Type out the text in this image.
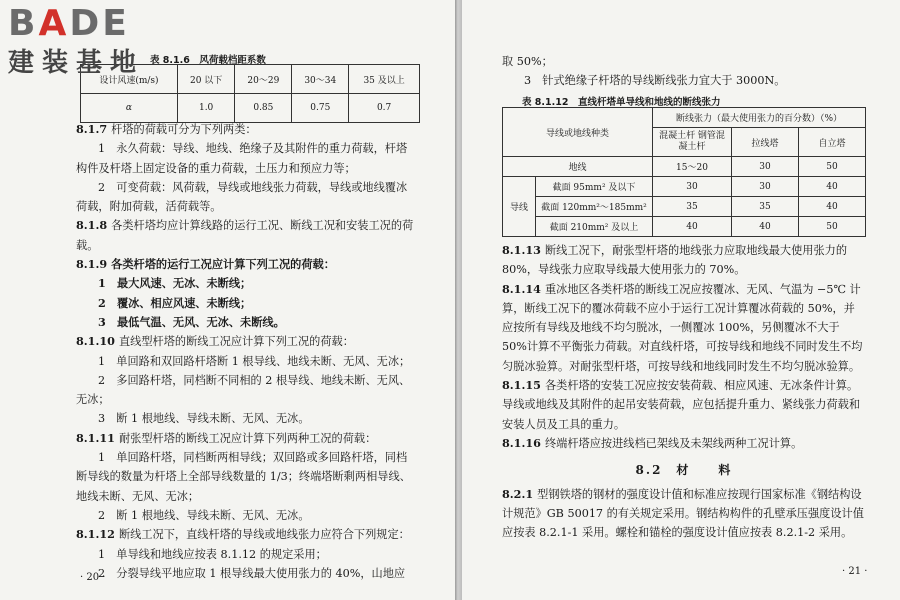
BADE
建装基地 表 8.1.6　风荷载档距系数
设计风速(m/s)	20 以下	20～29	30～34	35 及以上
α	1.0	0.85	0.75	0.7

8.1.7 杆塔的荷载可分为下列两类：

1　永久荷载：导线、地线、绝缘子及其附件的重力荷载，杆塔构件及杆塔上固定设备的重力荷载，土压力和预应力等；

2　可变荷载：风荷载，导线或地线张力荷载，导线或地线覆冰荷载，附加荷载，活荷载等。

8.1.8 各类杆塔均应计算线路的运行工况、断线工况和安装工况的荷载。

8.1.9 各类杆塔的运行工况应计算下列工况的荷载：

1　最大风速、无冰、未断线；

2　覆冰、相应风速、未断线；

3　最低气温、无风、无冰、未断线。

8.1.10 直线型杆塔的断线工况应计算下列工况的荷载：

1　单回路和双回路杆塔断 1 根导线、地线未断、无风、无冰；

2　多回路杆塔，同档断不同相的 2 根导线、地线未断、无风、无冰；

3　断 1 根地线、导线未断、无风、无冰。

8.1.11 耐张型杆塔的断线工况应计算下列两种工况的荷载：

1　单回路杆塔，同档断两相导线；双回路或多回路杆塔，同档断导线的数量为杆塔上全部导线数量的 1/3；终端塔断剩两相导线、地线未断、无风、无冰；

2　断 1 根地线、导线未断、无风、无冰。

8.1.12 断线工况下，直线杆塔的导线或地线张力应符合下列规定：

1　单导线和地线应按表 8.1.12 的规定采用；

2　分裂导线平地应取 1 根导线最大使用张力的 40%，山地应

· 20 ·

取 50%；

3　针式绝缘子杆塔的导线断线张力宜大于 3000N。

表 8.1.12　直线杆塔单导线和地线的断线张力
导线或地线种类		断线张力（最大使用张力的百分数）（%）		
		混凝土杆 钢管混凝土杆	拉线塔	自立塔
地线		15～20	30	50
导线	截面 95mm² 及以下	30	30	40
	截面 120mm²～185mm²	35	35	40
	截面 210mm² 及以上	40	40	50

8.1.13 断线工况下，耐张型杆塔的地线张力应取地线最大使用张力的 80%，导线张力应取导线最大使用张力的 70%。

8.1.14 重冰地区各类杆塔的断线工况应按覆冰、无风、气温为 −5℃ 计算，断线工况下的覆冰荷载不应小于运行工况计算覆冰荷载的 50%，并应按所有导线及地线不均匀脱冰，一侧覆冰 100%，另侧覆冰不大于 50%计算不平衡张力荷载。对直线杆塔，可按导线和地线不同时发生不均匀脱冰验算。对耐张型杆塔，可按导线和地线同时发生不均匀脱冰验算。

8.1.15 各类杆塔的安装工况应按安装荷载、相应风速、无冰条件计算。导线或地线及其附件的起吊安装荷载，应包括提升重力、紧线张力荷载和安装人员及工具的重力。

8.1.16 终端杆塔应按进线档已架线及未架线两种工况计算。

8.2　材　　料

8.2.1 型钢铁塔的钢材的强度设计值和标准应按现行国家标准《钢结构设计规范》GB 50017 的有关规定采用。钢结构构件的孔壁承压强度设计值应按表 8.2.1-1 采用。螺栓和锚栓的强度设计值应按表 8.2.1-2 采用。

· 21 ·
